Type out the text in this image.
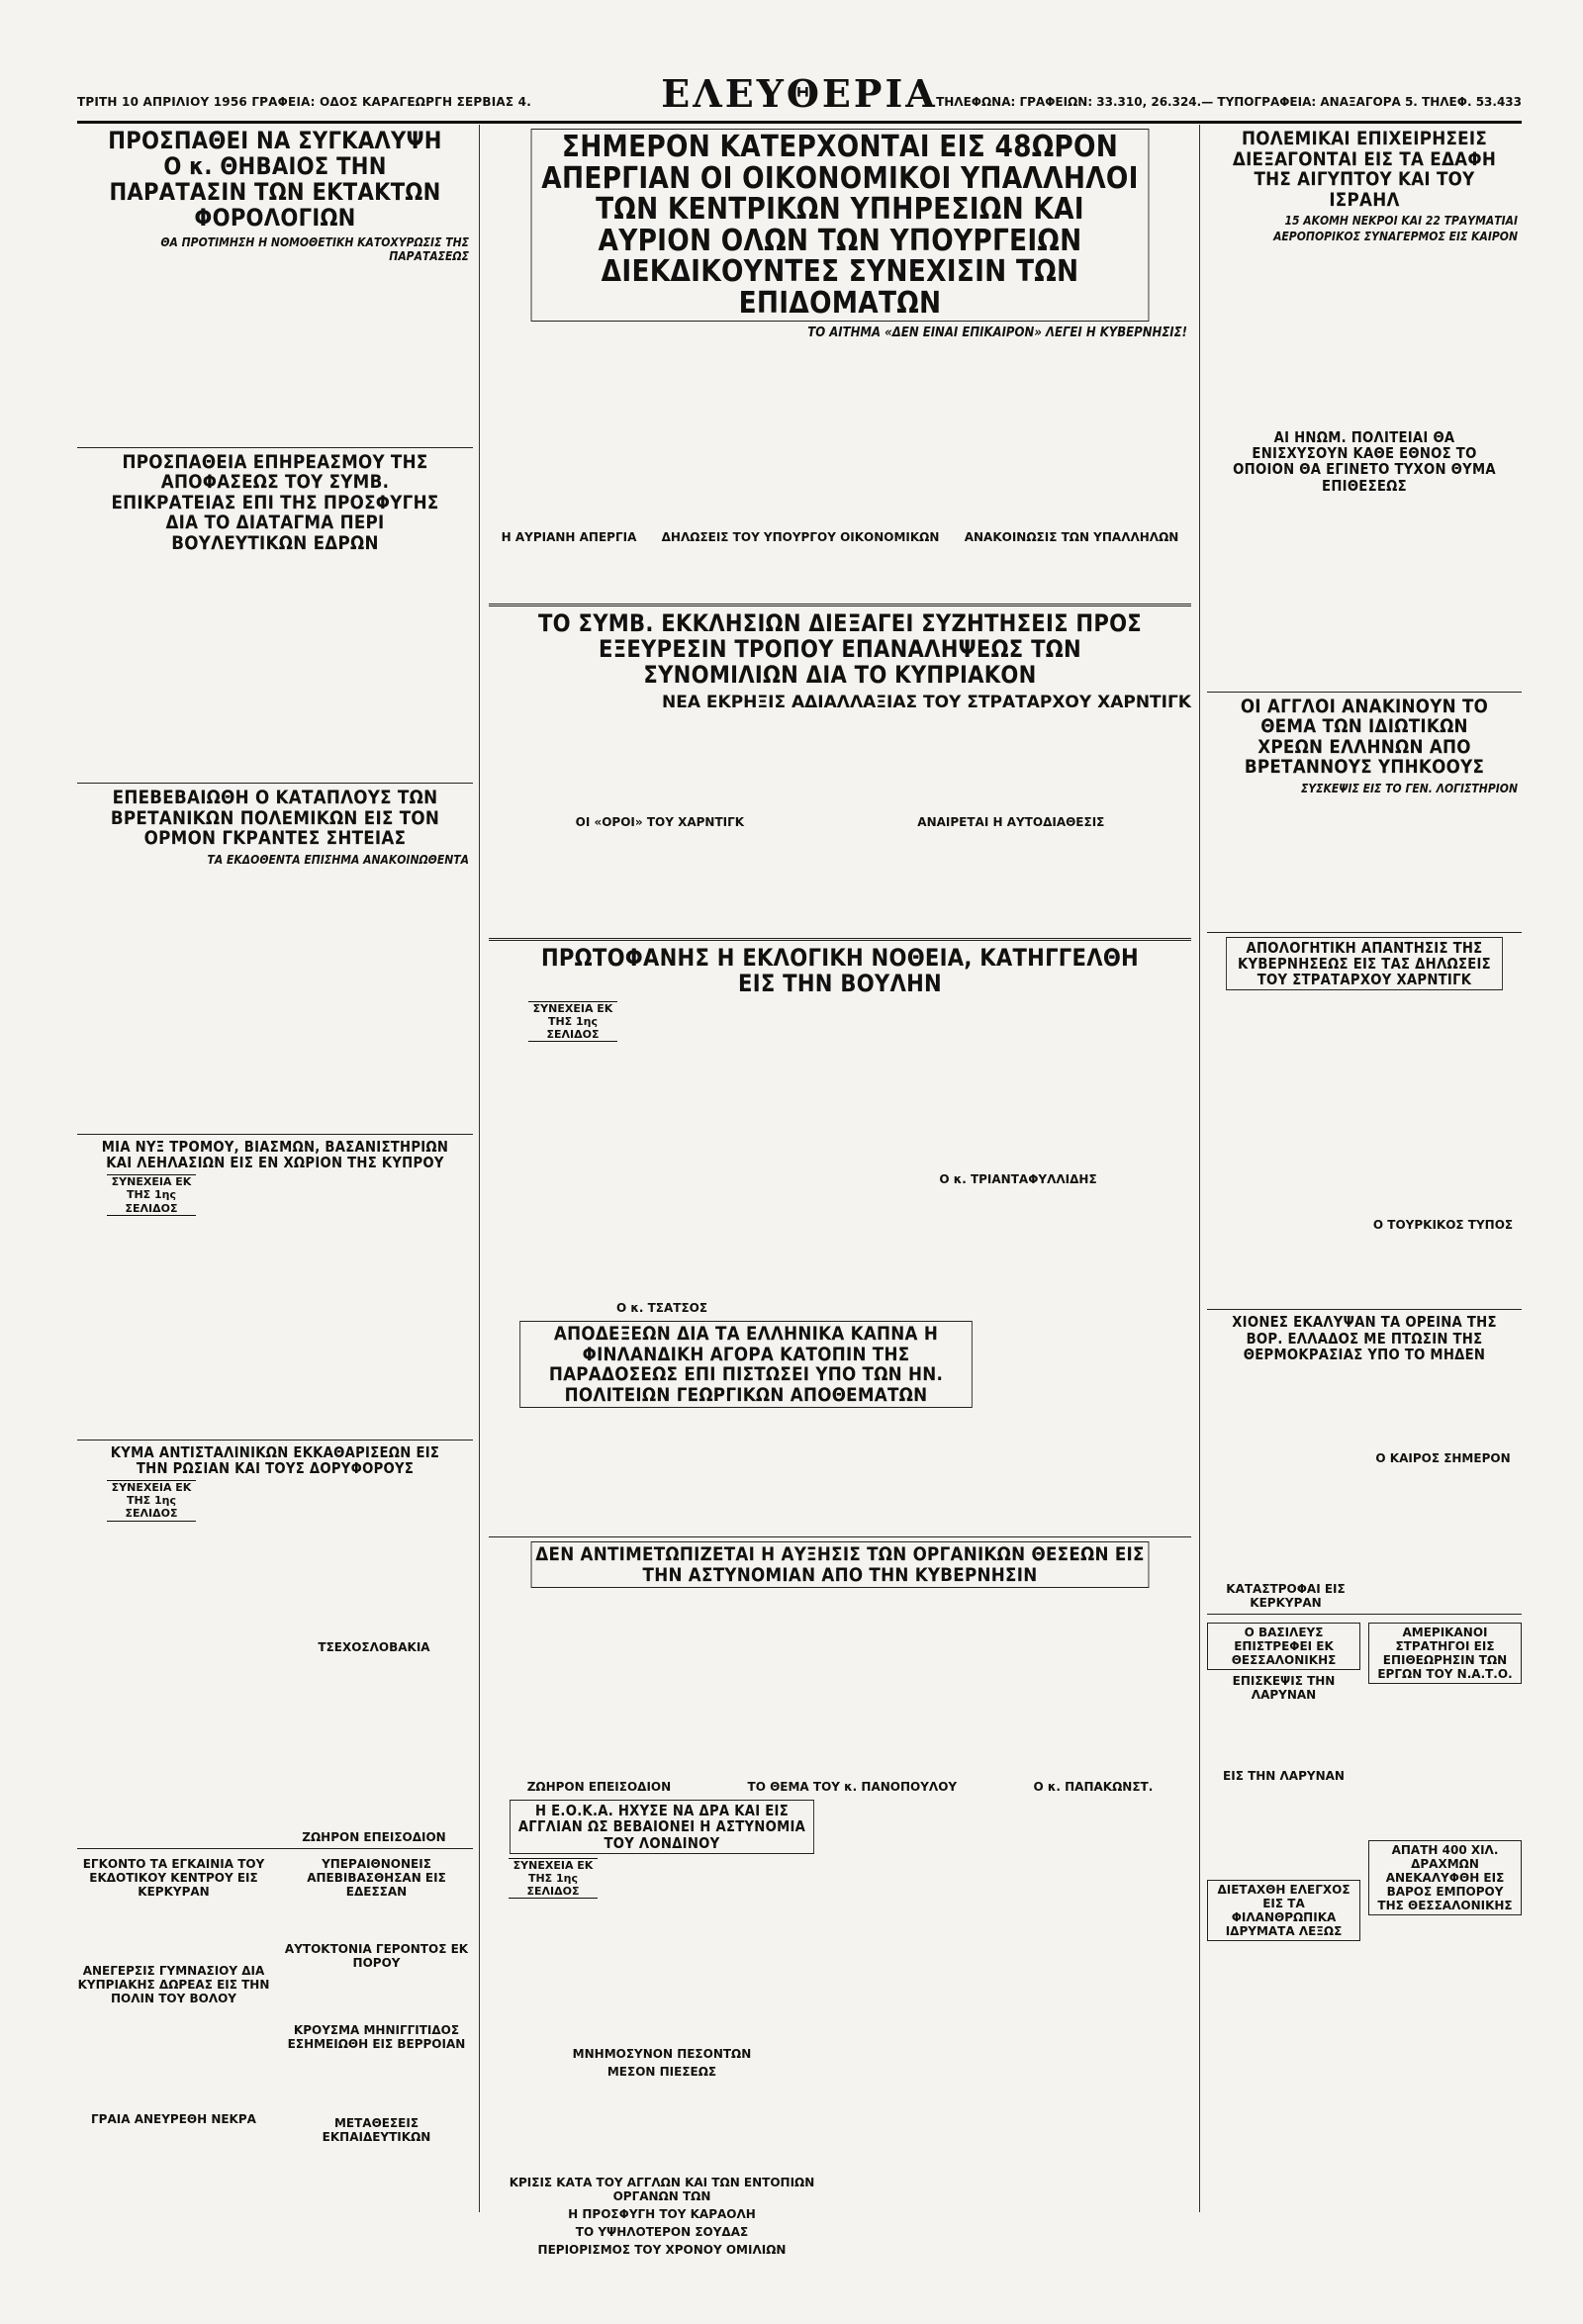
ΤΡΙΤΗ 10 ΑΠΡΙΛΙΟΥ 1956 ΓΡΑΦΕΙΑ: ΟΔΟΣ ΚΑΡΑΓΕΩΡΓΗ ΣΕΡΒΙΑΣ 4.	ΕΛΕΥΘΕΡΙΑ
ΤΗΛΕΦΩΝΑ: ΓΡΑΦΕΙΩΝ: 33.310, 26.324.— ΤΥΠΟΓΡΑΦΕΙΑ: ΑΝΑΞΑΓΟΡΑ 5. ΤΗΛΕΦ. 53.433
ΠΡΟΣΠΑΘΕΙ ΝΑ ΣΥΓΚΑΛΥΨΗ Ο κ. ΘΗΒΑΙΟΣ ΤΗΝ ΠΑΡΑΤΑΣΙΝ ΤΩΝ ΕΚΤΑΚΤΩΝ ΦΟΡΟΛΟΓΙΩΝ
ΘΑ ΠΡΟΤΙΜΗΣΗ Η ΝΟΜΟΘΕΤΙΚΗ ΚΑΤΟΧΥΡΩΣΙΣ ΤΗΣ ΠΑΡΑΤΑΣΕΩΣ
ΠΡΟΣΠΑΘΕΙΑ ΕΠΗΡΕΑΣΜΟΥ ΤΗΣ ΑΠΟΦΑΣΕΩΣ ΤΟΥ ΣΥΜΒ. ΕΠΙΚΡΑΤΕΙΑΣ ΕΠΙ ΤΗΣ ΠΡΟΣΦΥΓΗΣ ΔΙΑ ΤΟ ΔΙΑΤΑΓΜΑ ΠΕΡΙ ΒΟΥΛΕΥΤΙΚΩΝ ΕΔΡΩΝ
ΕΠΕΒΕΒΑΙΩΘΗ Ο ΚΑΤΑΠΛΟΥΣ ΤΩΝ ΒΡΕΤΑΝΙΚΩΝ ΠΟΛΕΜΙΚΩΝ ΕΙΣ ΤΟΝ ΟΡΜΟΝ ΓΚΡΑΝΤΕΣ ΣΗΤΕΙΑΣ
ΤΑ ΕΚΔΟΘΕΝΤΑ ΕΠΙΣΗΜΑ ΑΝΑΚΟΙΝΩΘΕΝΤΑ
ΜΙΑ ΝΥΞ ΤΡΟΜΟΥ, ΒΙΑΣΜΩΝ, ΒΑΣΑΝΙΣΤΗΡΙΩΝ ΚΑΙ ΛΕΗΛΑΣΙΩΝ ΕΙΣ ΕΝ ΧΩΡΙΟΝ ΤΗΣ ΚΥΠΡΟΥ
ΣΥΝΕΧΕΙΑ ΕΚ ΤΗΣ 1ης ΣΕΛΙΔΟΣ
ΚΥΜΑ ΑΝΤΙΣΤΑΛΙΝΙΚΩΝ ΕΚΚΑΘΑΡΙΣΕΩΝ ΕΙΣ ΤΗΝ ΡΩΣΙΑΝ ΚΑΙ ΤΟΥΣ ΔΟΡΥΦΟΡΟΥΣ
ΣΥΝΕΧΕΙΑ ΕΚ ΤΗΣ 1ης ΣΕΛΙΔΟΣ
ΤΣΕΧΟΣΛΟΒΑΚΙΑ
ΖΩΗΡΟΝ ΕΠΕΙΣΟΔΙΟΝ
ΕΓΚΟΝΤΟ ΤΑ ΕΓΚΑΙΝΙΑ ΤΟΥ ΕΚΔΟΤΙΚΟΥ ΚΕΝΤΡΟΥ ΕΙΣ ΚΕΡΚΥΡΑΝ
ΑΝΕΓΕΡΣΙΣ ΓΥΜΝΑΣΙΟΥ ΔΙΑ ΚΥΠΡΙΑΚΗΣ ΔΩΡΕΑΣ ΕΙΣ ΤΗΝ ΠΟΛΙΝ ΤΟΥ ΒΟΛΟΥ
ΓΡΑΙΑ ΑΝΕΥΡΕΘΗ ΝΕΚΡΑ
ΥΠΕΡΑΙΘΝΟΝΕΙΣ ΑΠΕΒΙΒΑΣΘΗΣΑΝ ΕΙΣ ΕΔΕΣΣΑΝ
ΑΥΤΟΚΤΟΝΙΑ ΓΕΡΟΝΤΟΣ ΕΚ ΠΟΡΟΥ
ΚΡΟΥΣΜΑ ΜΗΝΙΓΓΙΤΙΔΟΣ ΕΣΗΜΕΙΩΘΗ ΕΙΣ ΒΕΡΡΟΙΑΝ
ΜΕΤΑΘΕΣΕΙΣ ΕΚΠΑΙΔΕΥΤΙΚΩΝ
ΣΗΜΕΡΟΝ ΚΑΤΕΡΧΟΝΤΑΙ ΕΙΣ 48ΩΡΟΝ ΑΠΕΡΓΙΑΝ ΟΙ ΟΙΚΟΝΟΜΙΚΟΙ ΥΠΑΛΛΗΛΟΙ ΤΩΝ ΚΕΝΤΡΙΚΩΝ ΥΠΗΡΕΣΙΩΝ ΚΑΙ ΑΥΡΙΟΝ ΟΛΩΝ ΤΩΝ ΥΠΟΥΡΓΕΙΩΝ ΔΙΕΚΔΙΚΟΥΝΤΕΣ ΣΥΝΕΧΙΣΙΝ ΤΩΝ ΕΠΙΔΟΜΑΤΩΝ
ΤΟ ΑΙΤΗΜΑ «ΔΕΝ ΕΙΝΑΙ ΕΠΙΚΑΙΡΟΝ» ΛΕΓΕΙ Η ΚΥΒΕΡΝΗΣΙΣ!
Η ΑΥΡΙΑΝΗ ΑΠΕΡΓΙΑ ΔΗΛΩΣΕΙΣ ΤΟΥ ΥΠΟΥΡΓΟΥ ΟΙΚΟΝΟΜΙΚΩΝ ΑΝΑΚΟΙΝΩΣΙΣ ΤΩΝ ΥΠΑΛΛΗΛΩΝ
ΤΟ ΣΥΜΒ. ΕΚΚΛΗΣΙΩΝ ΔΙΕΞΑΓΕΙ ΣΥΖΗΤΗΣΕΙΣ ΠΡΟΣ ΕΞΕΥΡΕΣΙΝ ΤΡΟΠΟΥ ΕΠΑΝΑΛΗΨΕΩΣ ΤΩΝ ΣΥΝΟΜΙΛΙΩΝ ΔΙΑ ΤΟ ΚΥΠΡΙΑΚΟΝ
ΝΕΑ ΕΚΡΗΞΙΣ ΑΔΙΑΛΛΑΞΙΑΣ ΤΟΥ ΣΤΡΑΤΑΡΧΟΥ ΧΑΡΝΤΙΓΚ
ΟΙ «ΟΡΟΙ» ΤΟΥ ΧΑΡΝΤΙΓΚ	ΑΝΑΙΡΕΤΑΙ Η ΑΥΤΟΔΙΑΘΕΣΙΣ
ΠΡΩΤΟΦΑΝΗΣ Η ΕΚΛΟΓΙΚΗ ΝΟΘΕΙΑ, ΚΑΤΗΓΓΕΛΘΗ ΕΙΣ ΤΗΝ ΒΟΥΛΗΝ
ΣΥΝΕΧΕΙΑ ΕΚ ΤΗΣ 1ης ΣΕΛΙΔΟΣ
Ο κ. ΤΣΑΤΣΟΣ
Ο κ. ΤΡΙΑΝΤΑΦΥΛΛΙΔΗΣ
ΑΠΟΔΕΞΕΩΝ ΔΙΑ ΤΑ ΕΛΛΗΝΙΚΑ ΚΑΠΝΑ Η ΦΙΝΛΑΝΔΙΚΗ ΑΓΟΡΑ ΚΑΤΟΠΙΝ ΤΗΣ ΠΑΡΑΔΟΣΕΩΣ ΕΠΙ ΠΙΣΤΩΣΕΙ ΥΠΟ ΤΩΝ ΗΝ. ΠΟΛΙΤΕΙΩΝ ΓΕΩΡΓΙΚΩΝ ΑΠΟΘΕΜΑΤΩΝ
ΔΕΝ ΑΝΤΙΜΕΤΩΠΙΖΕΤΑΙ Η ΑΥΞΗΣΙΣ ΤΩΝ ΟΡΓΑΝΙΚΩΝ ΘΕΣΕΩΝ ΕΙΣ ΤΗΝ ΑΣΤΥΝΟΜΙΑΝ ΑΠΟ ΤΗΝ ΚΥΒΕΡΝΗΣΙΝ
ΖΩΗΡΟΝ ΕΠΕΙΣΟΔΙΟΝ	ΤΟ ΘΕΜΑ ΤΟΥ κ. ΠΑΝΟΠΟΥΛΟΥ	Ο κ. ΠΑΠΑΚΩΝΣΤ.
Η Ε.Ο.Κ.Α. ΗΧΥΣΕ ΝΑ ΔΡΑ ΚΑΙ ΕΙΣ ΑΓΓΛΙΑΝ ΩΣ ΒΕΒΑΙΟΝΕΙ Η ΑΣΤΥΝΟΜΙΑ ΤΟΥ ΛΟΝΔΙΝΟΥ
ΣΥΝΕΧΕΙΑ ΕΚ ΤΗΣ 1ης ΣΕΛΙΔΟΣ
ΜΝΗΜΟΣΥΝΟΝ ΠΕΣΟΝΤΩΝ
ΜΕΣΟΝ ΠΙΕΣΕΩΣ
ΚΡΙΣΙΣ ΚΑΤΑ ΤΟΥ ΑΓΓΛΩΝ ΚΑΙ ΤΩΝ ΕΝΤΟΠΙΩΝ ΟΡΓΑΝΩΝ ΤΩΝ
Η ΠΡΟΣΦΥΓΗ ΤΟΥ ΚΑΡΑΟΛΗ
ΤΟ ΥΨΗΛΟΤΕΡΟΝ ΣΟΥΔΑΣ
ΠΕΡΙΟΡΙΣΜΟΣ ΤΟΥ ΧΡΟΝΟΥ ΟΜΙΛΙΩΝ
ΠΟΛΕΜΙΚΑΙ ΕΠΙΧΕΙΡΗΣΕΙΣ ΔΙΕΞΑΓΟΝΤΑΙ ΕΙΣ ΤΑ ΕΔΑΦΗ ΤΗΣ ΑΙΓΥΠΤΟΥ ΚΑΙ ΤΟΥ ΙΣΡΑΗΛ
15 ΑΚΟΜΗ ΝΕΚΡΟΙ ΚΑΙ 22 ΤΡΑΥΜΑΤΙΑΙ
ΑΕΡΟΠΟΡΙΚΟΣ ΣΥΝΑΓΕΡΜΟΣ ΕΙΣ ΚΑΙΡΟΝ
ΑΙ ΗΝΩΜ. ΠΟΛΙΤΕΙΑΙ ΘΑ ΕΝΙΣΧΥΣΟΥΝ ΚΑΘΕ ΕΘΝΟΣ ΤΟ ΟΠΟΙΟΝ ΘΑ ΕΓΙΝΕΤΟ ΤΥΧΟΝ ΘΥΜΑ ΕΠΙΘΕΣΕΩΣ
ΟΙ ΑΓΓΛΟΙ ΑΝΑΚΙΝΟΥΝ ΤΟ ΘΕΜΑ ΤΩΝ ΙΔΙΩΤΙΚΩΝ ΧΡΕΩΝ ΕΛΛΗΝΩΝ ΑΠΟ ΒΡΕΤΑΝΝΟΥΣ ΥΠΗΚΟΟΥΣ
ΣΥΣΚΕΨΙΣ ΕΙΣ ΤΟ ΓΕΝ. ΛΟΓΙΣΤΗΡΙΟΝ
ΑΠΟΛΟΓΗΤΙΚΗ ΑΠΑΝΤΗΣΙΣ ΤΗΣ ΚΥΒΕΡΝΗΣΕΩΣ ΕΙΣ ΤΑΣ ΔΗΛΩΣΕΙΣ ΤΟΥ ΣΤΡΑΤΑΡΧΟΥ ΧΑΡΝΤΙΓΚ
Ο ΤΟΥΡΚΙΚΟΣ ΤΥΠΟΣ
ΧΙΟΝΕΣ ΕΚΑΛΥΨΑΝ ΤΑ ΟΡΕΙΝΑ ΤΗΣ ΒΟΡ. ΕΛΛΑΔΟΣ ΜΕ ΠΤΩΣΙΝ ΤΗΣ ΘΕΡΜΟΚΡΑΣΙΑΣ ΥΠΟ ΤΟ ΜΗΔΕΝ
Ο ΚΑΙΡΟΣ ΣΗΜΕΡΟΝ
ΚΑΤΑΣΤΡΟΦΑΙ ΕΙΣ ΚΕΡΚΥΡΑΝ
Ο ΒΑΣΙΛΕΥΣ ΕΠΙΣΤΡΕΦΕΙ ΕΚ ΘΕΣΣΑΛΟΝΙΚΗΣ
ΕΠΙΣΚΕΨΙΣ ΤΗΝ ΛΑΡΥΝΑΝ
ΕΙΣ ΤΗΝ ΛΑΡΥΝΑΝ
ΔΙΕΤΑΧΘΗ ΕΛΕΓΧΟΣ ΕΙΣ ΤΑ ΦΙΛΑΝΘΡΩΠΙΚΑ ΙΔΡΥΜΑΤΑ ΛΕΞΩΣ
ΑΜΕΡΙΚΑΝΟΙ ΣΤΡΑΤΗΓΟΙ ΕΙΣ ΕΠΙΘΕΩΡΗΣΙΝ ΤΩΝ ΕΡΓΩΝ ΤΟΥ Ν.Α.Τ.Ο.
ΑΠΑΤΗ 400 ΧΙΛ. ΔΡΑΧΜΩΝ ΑΝΕΚΑΛΥΦΘΗ ΕΙΣ ΒΑΡΟΣ ΕΜΠΟΡΟΥ ΤΗΣ ΘΕΣΣΑΛΟΝΙΚΗΣ
